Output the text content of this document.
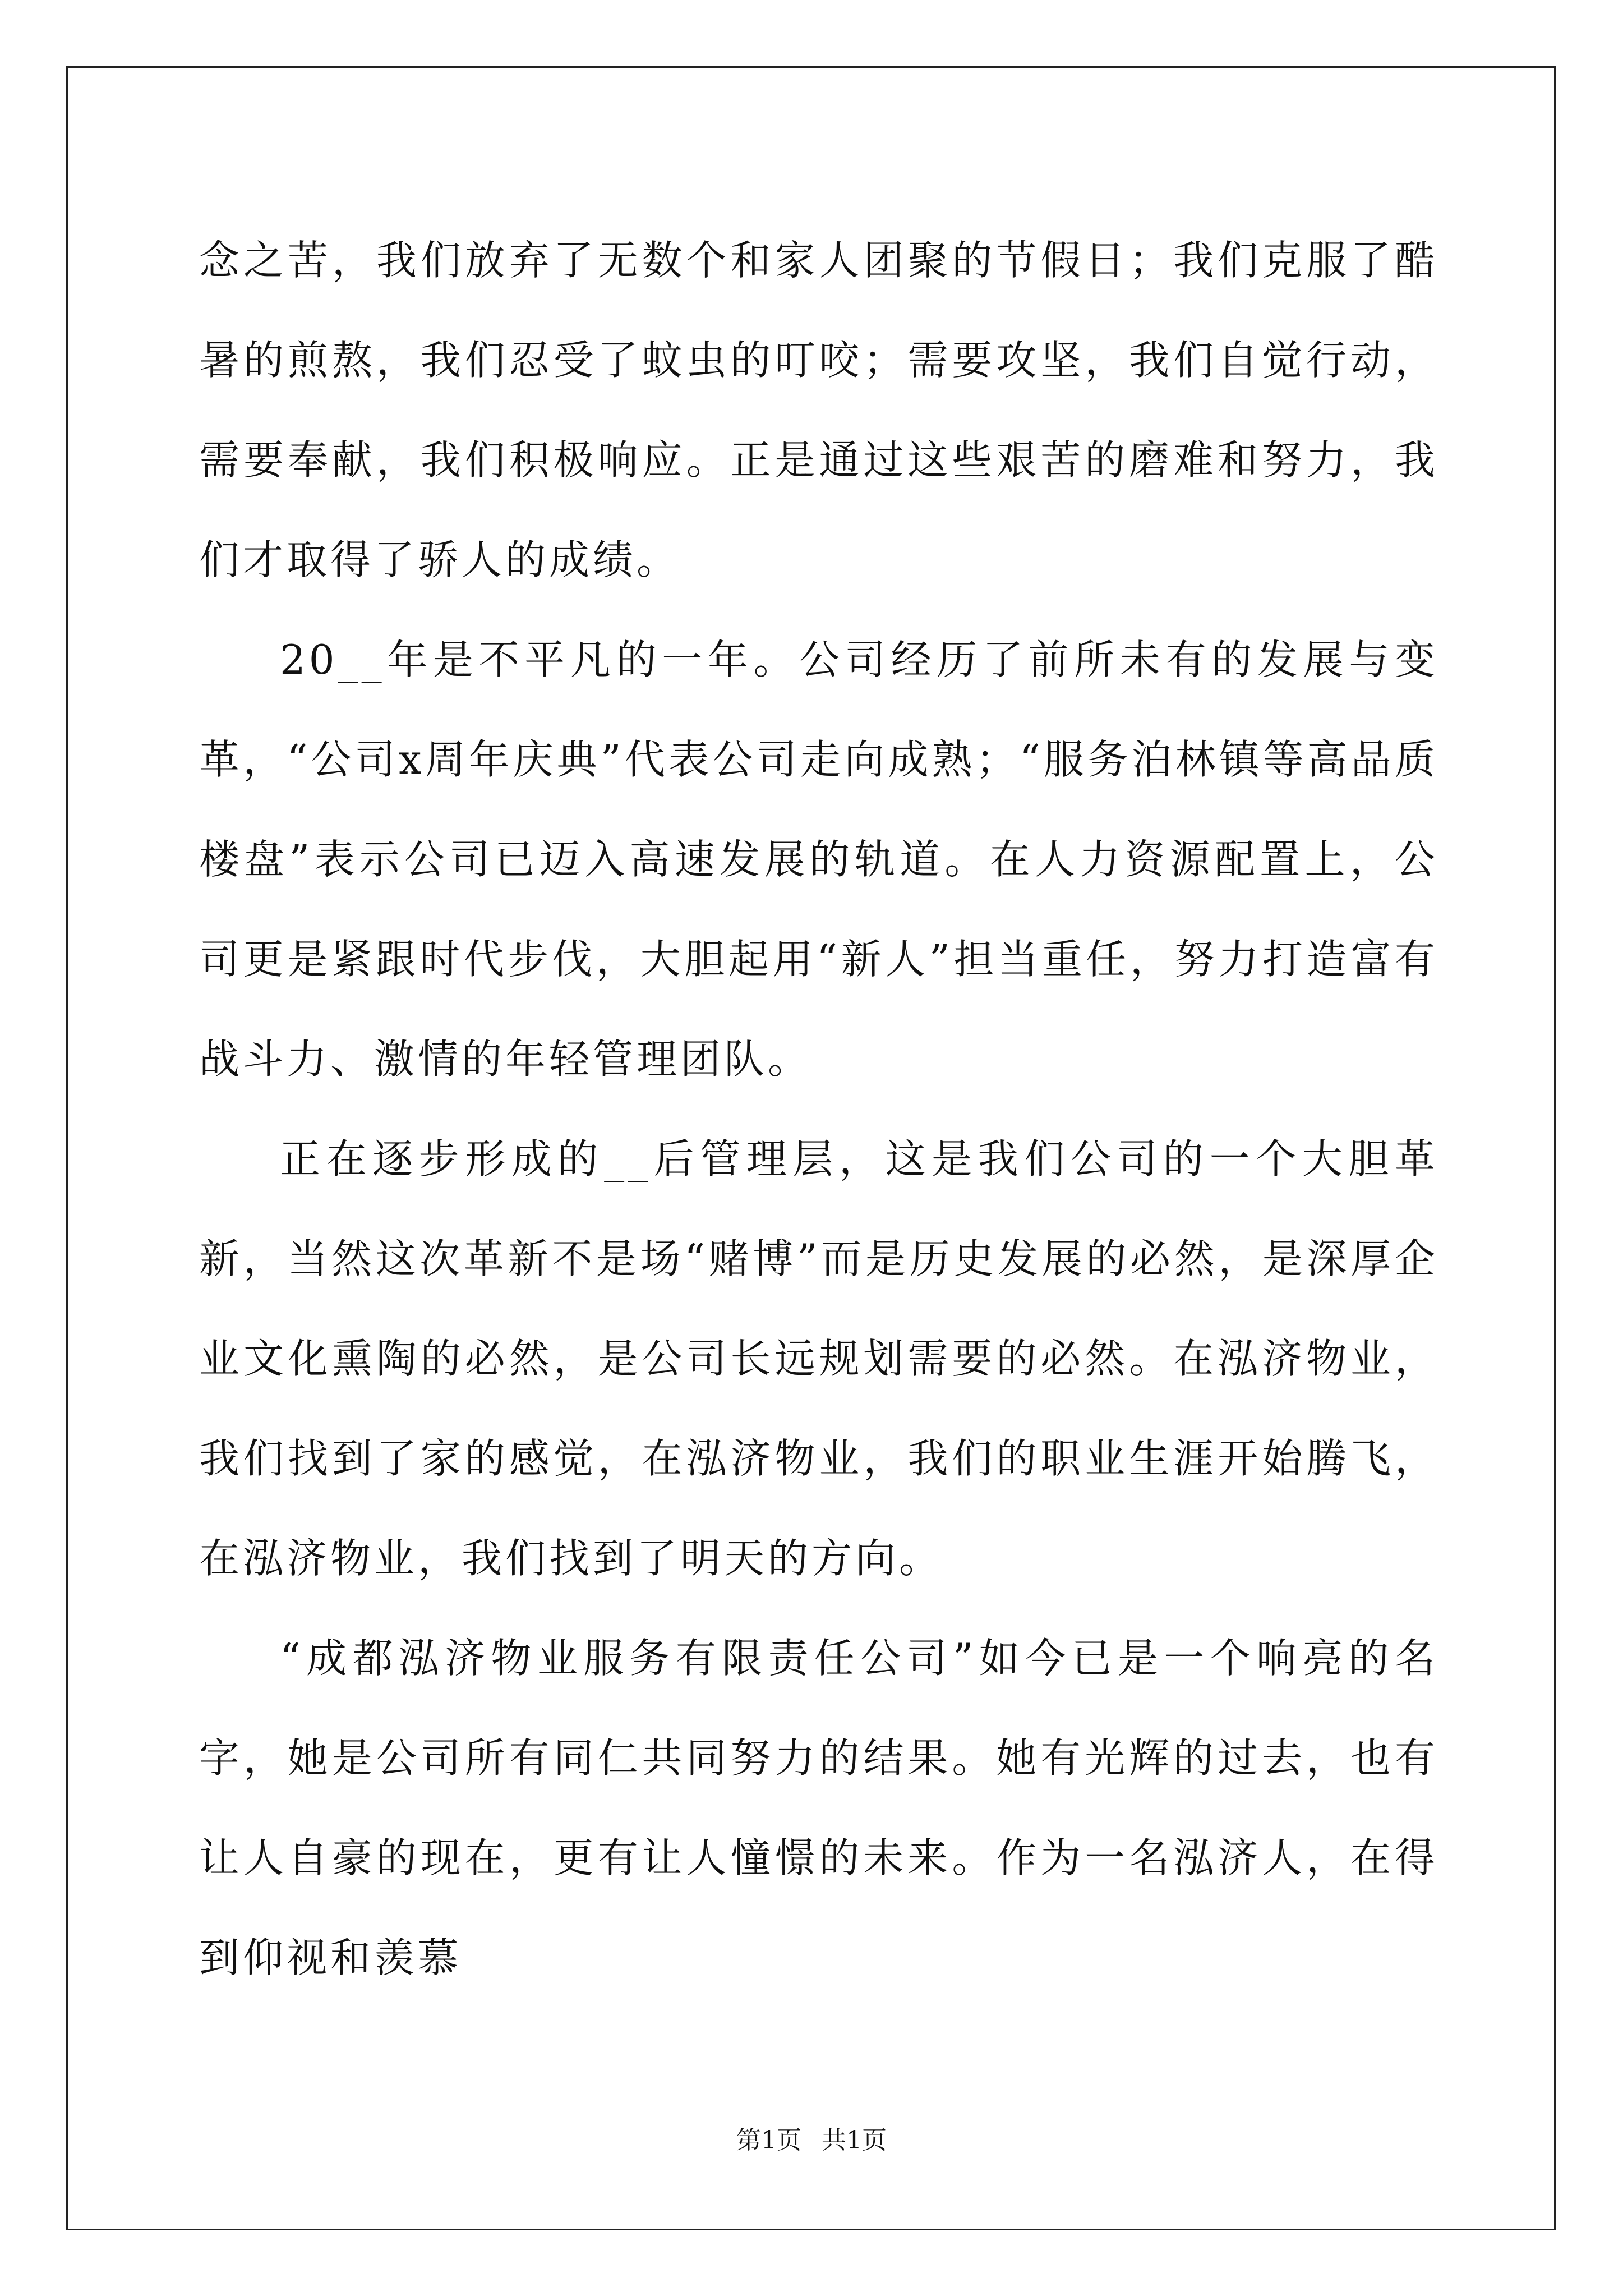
念之苦，我们放弃了无数个和家人团聚的节假日；我们克服了酷暑的煎熬，我们忍受了蚊虫的叮咬；需要攻坚，我们自觉行动，需要奉献，我们积极响应。正是通过这些艰苦的磨难和努力，我们才取得了骄人的成绩。

20__年是不平凡的一年。公司经历了前所未有的发展与变革，“公司x周年庆典”代表公司走向成熟；“服务泊林镇等高品质楼盘”表示公司已迈入高速发展的轨道。在人力资源配置上，公司更是紧跟时代步伐，大胆起用“新人”担当重任，努力打造富有战斗力、激情的年轻管理团队。

正在逐步形成的__后管理层，这是我们公司的一个大胆革新，当然这次革新不是场“赌博”而是历史发展的必然，是深厚企业文化熏陶的必然，是公司长远规划需要的必然。在泓济物业，我们找到了家的感觉，在泓济物业，我们的职业生涯开始腾飞，在泓济物业，我们找到了明天的方向。

“成都泓济物业服务有限责任公司”如今已是一个响亮的名字，她是公司所有同仁共同努力的结果。她有光辉的过去，也有让人自豪的现在，更有让人憧憬的未来。作为一名泓济人，在得到仰视和羡慕

第1页 共1页
